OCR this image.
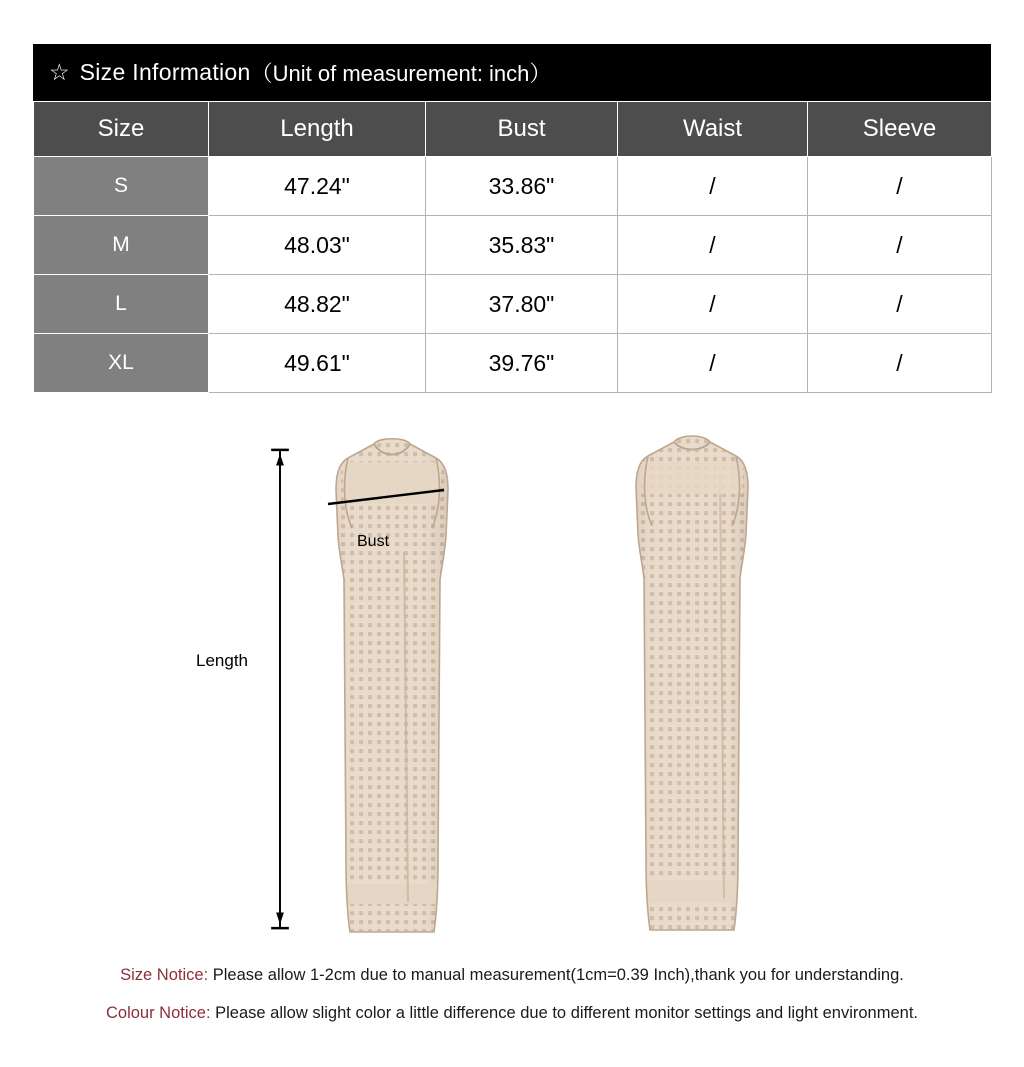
☆ Size Information （Unit of measurement: inch）
Size	Length	Bust	Waist	Sleeve
S	47.24"	33.86"	/	/
M	48.03"	35.83"	/	/
L	48.82"	37.80"	/	/
XL	49.61"	39.76"	/	/
Length
Bust
Size Notice: Please allow 1-2cm due to manual measurement(1cm=0.39 Inch),thank you for understanding.
Colour Notice: Please allow slight color a little difference due to different monitor settings and light environment.
